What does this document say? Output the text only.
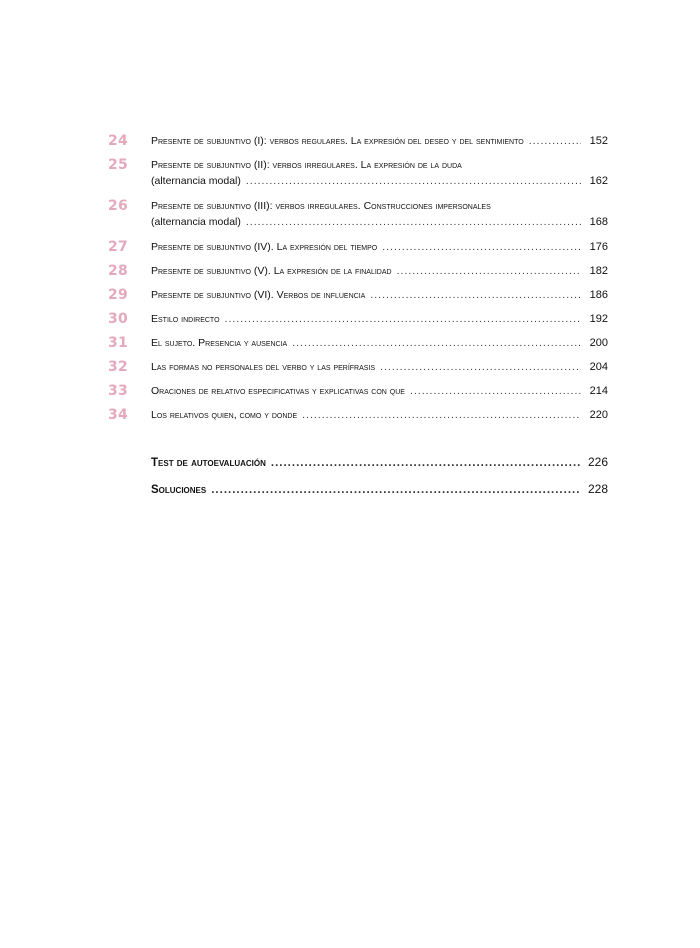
24	Presente de subjuntivo (I): verbos regulares. La expresión del deseo y del sentimiento .....	152
25	Presente de subjuntivo (II): verbos irregulares. La expresión de la duda
(alternancia modal) .....	162
26	Presente de subjuntivo (III): verbos irregulares. Construcciones impersonales
(alternancia modal) .....	168
27	Presente de subjuntivo (IV). La expresión del tiempo .....	176
28	Presente de subjuntivo (V). La expresión de la finalidad .....	182
29	Presente de subjuntivo (VI). Verbos de influencia .....	186
30	Estilo indirecto .....	192
31	El sujeto. Presencia y ausencia .....	200
32	Las formas no personales del verbo y las perífrasis .....	204
33	Oraciones de relativo especificativas y explicativas con que .....	214
34	Los relativos quien, como y donde .....	220
Test de autoevaluación .....	226
Soluciones .....	228
